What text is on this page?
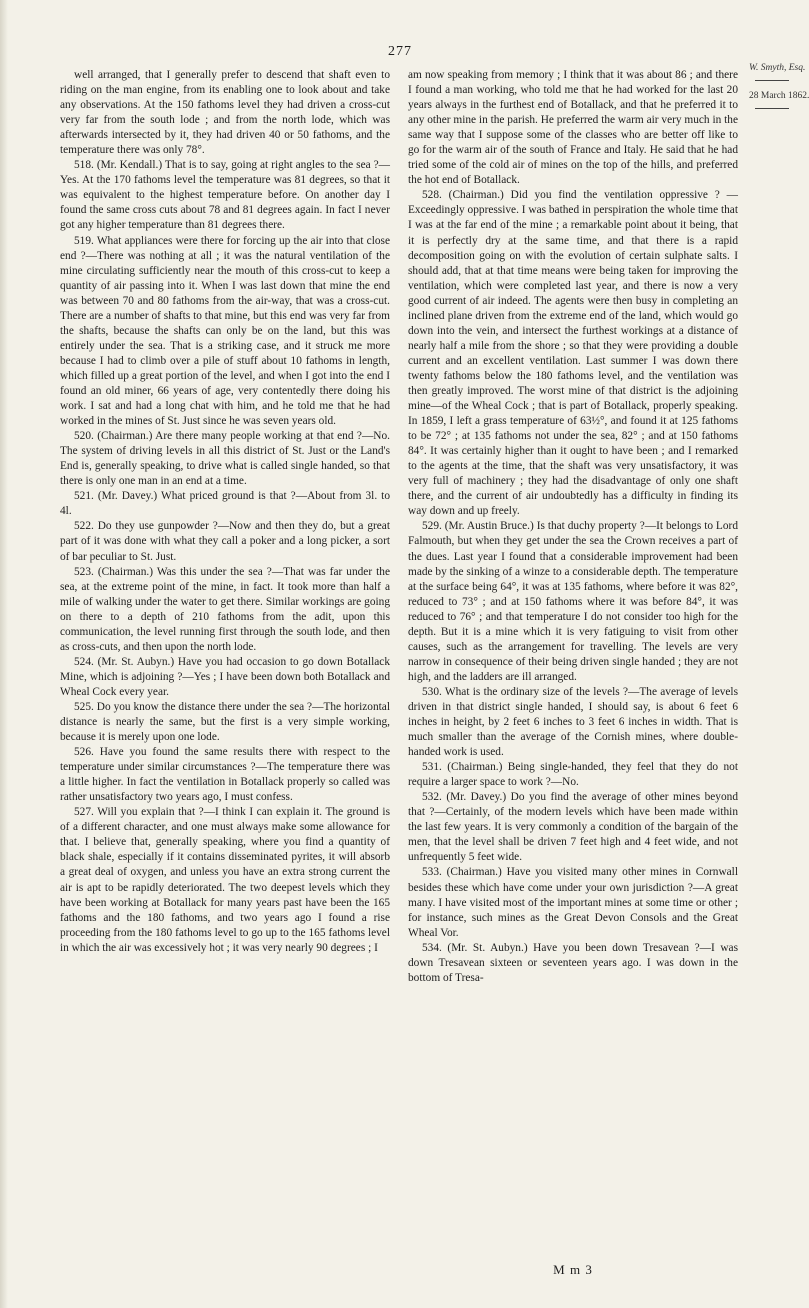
277

well arranged, that I generally prefer to descend that shaft even to riding on the man engine, from its enabling one to look about and take any observations. At the 150 fathoms level they had driven a cross-cut very far from the south lode ; and from the north lode, which was afterwards intersected by it, they had driven 40 or 50 fathoms, and the temperature there was only 78°.

518. (Mr. Kendall.) That is to say, going at right angles to the sea ?—Yes. At the 170 fathoms level the temperature was 81 degrees, so that it was equivalent to the highest temperature before. On another day I found the same cross cuts about 78 and 81 degrees again. In fact I never got any higher temperature than 81 degrees there.

519. What appliances were there for forcing up the air into that close end ?—There was nothing at all ; it was the natural ventilation of the mine circulating sufficiently near the mouth of this cross-cut to keep a quantity of air passing into it. When I was last down that mine the end was between 70 and 80 fathoms from the air-way, that was a cross-cut. There are a number of shafts to that mine, but this end was very far from the shafts, because the shafts can only be on the land, but this was entirely under the sea. That is a striking case, and it struck me more because I had to climb over a pile of stuff about 10 fathoms in length, which filled up a great portion of the level, and when I got into the end I found an old miner, 66 years of age, very contentedly there doing his work. I sat and had a long chat with him, and he told me that he had worked in the mines of St. Just since he was seven years old.

520. (Chairman.) Are there many people working at that end ?—No. The system of driving levels in all this district of St. Just or the Land's End is, generally speaking, to drive what is called single handed, so that there is only one man in an end at a time.

521. (Mr. Davey.) What priced ground is that ?—About from 3l. to 4l.

522. Do they use gunpowder ?—Now and then they do, but a great part of it was done with what they call a poker and a long picker, a sort of bar peculiar to St. Just.

523. (Chairman.) Was this under the sea ?—That was far under the sea, at the extreme point of the mine, in fact. It took more than half a mile of walking under the water to get there. Similar workings are going on there to a depth of 210 fathoms from the adit, upon this communication, the level running first through the south lode, and then as cross-cuts, and then upon the north lode.

524. (Mr. St. Aubyn.) Have you had occasion to go down Botallack Mine, which is adjoining ?—Yes ; I have been down both Botallack and Wheal Cock every year.

525. Do you know the distance there under the sea ?—The horizontal distance is nearly the same, but the first is a very simple working, because it is merely upon one lode.

526. Have you found the same results there with respect to the temperature under similar circumstances ?—The temperature there was a little higher. In fact the ventilation in Botallack properly so called was rather unsatisfactory two years ago, I must confess.

527. Will you explain that ?—I think I can explain it. The ground is of a different character, and one must always make some allowance for that. I believe that, generally speaking, where you find a quantity of black shale, especially if it contains disseminated pyrites, it will absorb a great deal of oxygen, and unless you have an extra strong current the air is apt to be rapidly deteriorated. The two deepest levels which they have been working at Botallack for many years past have been the 165 fathoms and the 180 fathoms, and two years ago I found a rise proceeding from the 180 fathoms level to go up to the 165 fathoms level in which the air was excessively hot ; it was very nearly 90 degrees ; I

am now speaking from memory ; I think that it was about 86 ; and there I found a man working, who told me that he had worked for the last 20 years always in the furthest end of Botallack, and that he preferred it to any other mine in the parish. He preferred the warm air very much in the same way that I suppose some of the classes who are better off like to go for the warm air of the south of France and Italy. He said that he had tried some of the cold air of mines on the top of the hills, and preferred the hot end of Botallack.

528. (Chairman.) Did you find the ventilation oppressive ? — Exceedingly oppressive. I was bathed in perspiration the whole time that I was at the far end of the mine ; a remarkable point about it being, that it is perfectly dry at the same time, and that there is a rapid decomposition going on with the evolution of certain sulphate salts. I should add, that at that time means were being taken for improving the ventilation, which were completed last year, and there is now a very good current of air indeed. The agents were then busy in completing an inclined plane driven from the extreme end of the land, which would go down into the vein, and intersect the furthest workings at a distance of nearly half a mile from the shore ; so that they were providing a double current and an excellent ventilation. Last summer I was down there twenty fathoms below the 180 fathoms level, and the ventilation was then greatly improved. The worst mine of that district is the adjoining mine—of the Wheal Cock ; that is part of Botallack, properly speaking. In 1859, I left a grass temperature of 63½°, and found it at 125 fathoms to be 72° ; at 135 fathoms not under the sea, 82° ; and at 150 fathoms 84°. It was certainly higher than it ought to have been ; and I remarked to the agents at the time, that the shaft was very unsatisfactory, it was very full of machinery ; they had the disadvantage of only one shaft there, and the current of air undoubtedly has a difficulty in finding its way down and up freely.

529. (Mr. Austin Bruce.) Is that duchy property ?—It belongs to Lord Falmouth, but when they get under the sea the Crown receives a part of the dues. Last year I found that a considerable improvement had been made by the sinking of a winze to a considerable depth. The temperature at the surface being 64°, it was at 135 fathoms, where before it was 82°, reduced to 73° ; and at 150 fathoms where it was before 84°, it was reduced to 76° ; and that temperature I do not consider too high for the depth. But it is a mine which it is very fatiguing to visit from other causes, such as the arrangement for travelling. The levels are very narrow in consequence of their being driven single handed ; they are not high, and the ladders are ill arranged.

530. What is the ordinary size of the levels ?—The average of levels driven in that district single handed, I should say, is about 6 feet 6 inches in height, by 2 feet 6 inches to 3 feet 6 inches in width. That is much smaller than the average of the Cornish mines, where double-handed work is used.

531. (Chairman.) Being single-handed, they feel that they do not require a larger space to work ?—No.

532. (Mr. Davey.) Do you find the average of other mines beyond that ?—Certainly, of the modern levels which have been made within the last few years. It is very commonly a condition of the bargain of the men, that the level shall be driven 7 feet high and 4 feet wide, and not unfrequently 5 feet wide.

533. (Chairman.) Have you visited many other mines in Cornwall besides these which have come under your own jurisdiction ?—A great many. I have visited most of the important mines at some time or other ; for instance, such mines as the Great Devon Consols and the Great Wheal Vor.

534. (Mr. St. Aubyn.) Have you been down Tresavean ?—I was down Tresavean sixteen or seventeen years ago. I was down in the bottom of Tresa-

W. Smyth, Esq.
28 March 1862.
M m 3
